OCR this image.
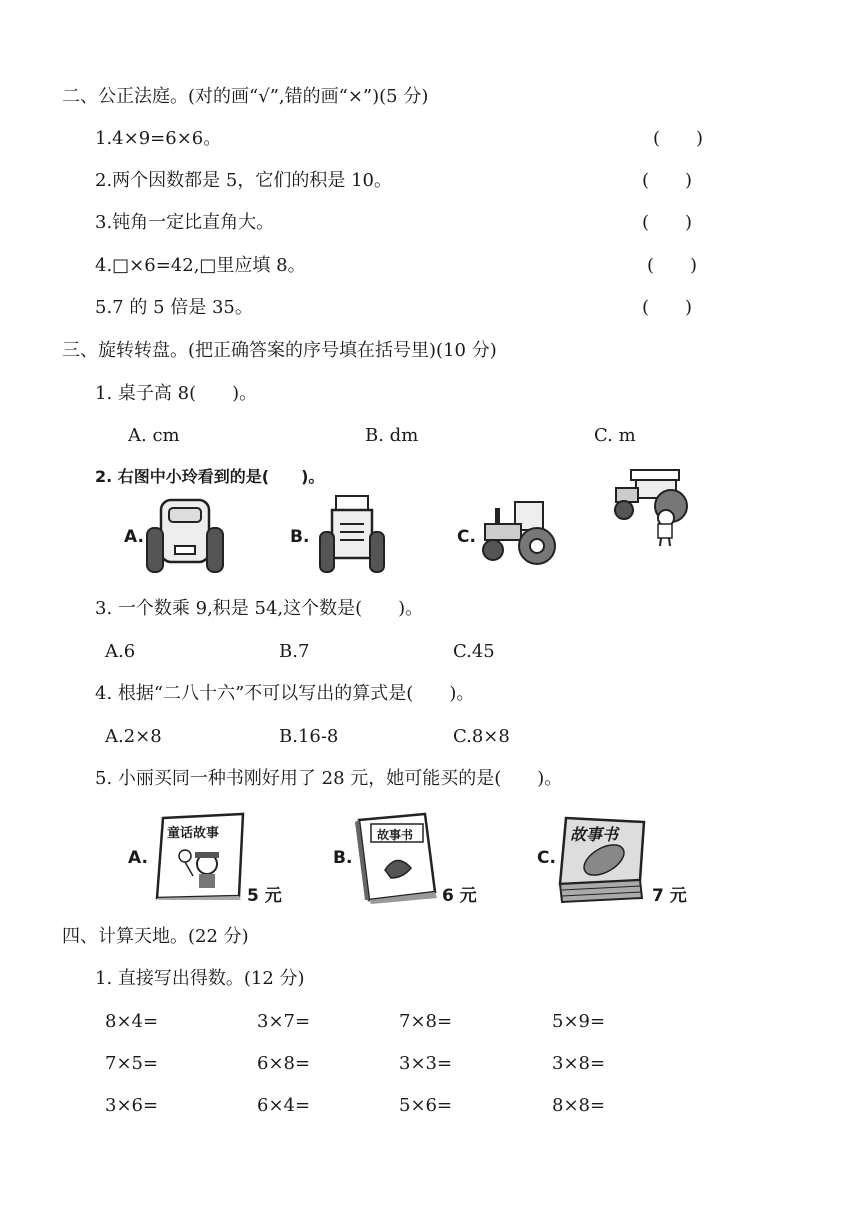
二、公正法庭。(对的画“√”,错的画“×”)(5 分)
1.4×9=6×6。	(　　)
2.两个因数都是 5，它们的积是 10。	(　　)
3.钝角一定比直角大。	(　　)
4.□×6=42,□里应填 8。	(　　)
5.7 的 5 倍是 35。	(　　)
三、旋转转盘。(把正确答案的序号填在括号里)(10 分)
1. 桌子高 8(　　)。
A. cm	B. dm	C. m
2. 右图中小玲看到的是(　　)。
A.	B.	C.
3. 一个数乘 9,积是 54,这个数是(　　)。
A.6	B.7	C.45
4. 根据“二八十六”不可以写出的算式是(　　)。
A.2×8	B.16-8	C.8×8
5. 小丽买同一种书刚好用了 28 元，她可能买的是(　　)。
A.
童话故事
5 元
B.
故事书
6 元
C.
故事书
7 元
四、计算天地。(22 分)
1. 直接写出得数。(12 分)
8×4=	3×7=	7×8=	5×9=
7×5=	6×8=	3×3=	3×8=
3×6=	6×4=	5×6=	8×8=
